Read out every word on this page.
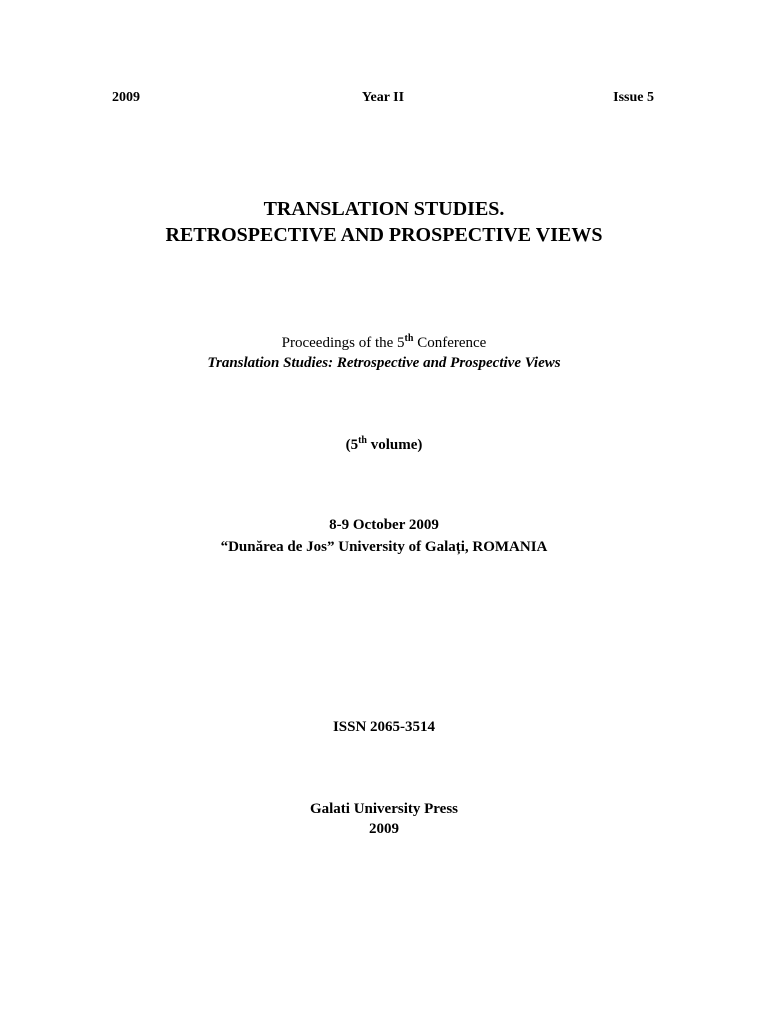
2009	Year II	Issue 5
TRANSLATION STUDIES.
RETROSPECTIVE AND PROSPECTIVE VIEWS
Proceedings of the 5th Conference
Translation Studies: Retrospective and Prospective Views
(5th volume)
8-9 October 2009
“Dunărea de Jos” University of Galați, ROMANIA
ISSN 2065-3514
Galati University Press
2009
